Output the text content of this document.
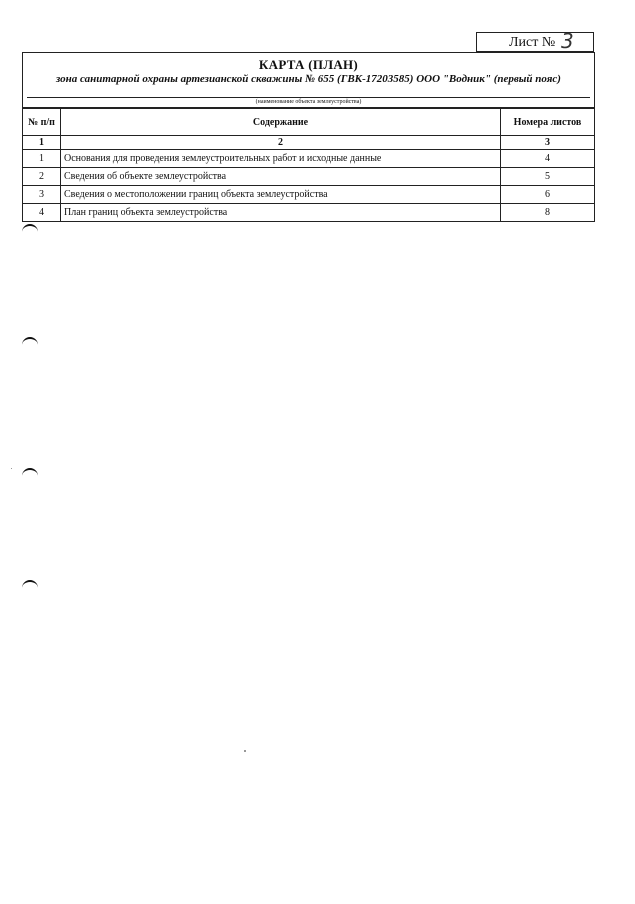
Лист № 3
КАРТА (ПЛАН)
зона санитарной охраны артезианской скважины № 655 (ГВК-17203585) ООО "Водник" (первый пояс)
(наименование объекта землеустройства)
№ п/п	Содержание	Номера листов
1	2	3
1	Основания для проведения землеустроительных работ и исходные данные	4
2	Сведения об объекте землеустройства	5
3	Сведения о местоположении границ объекта землеустройства	6
4	План границ объекта землеустройства	8
